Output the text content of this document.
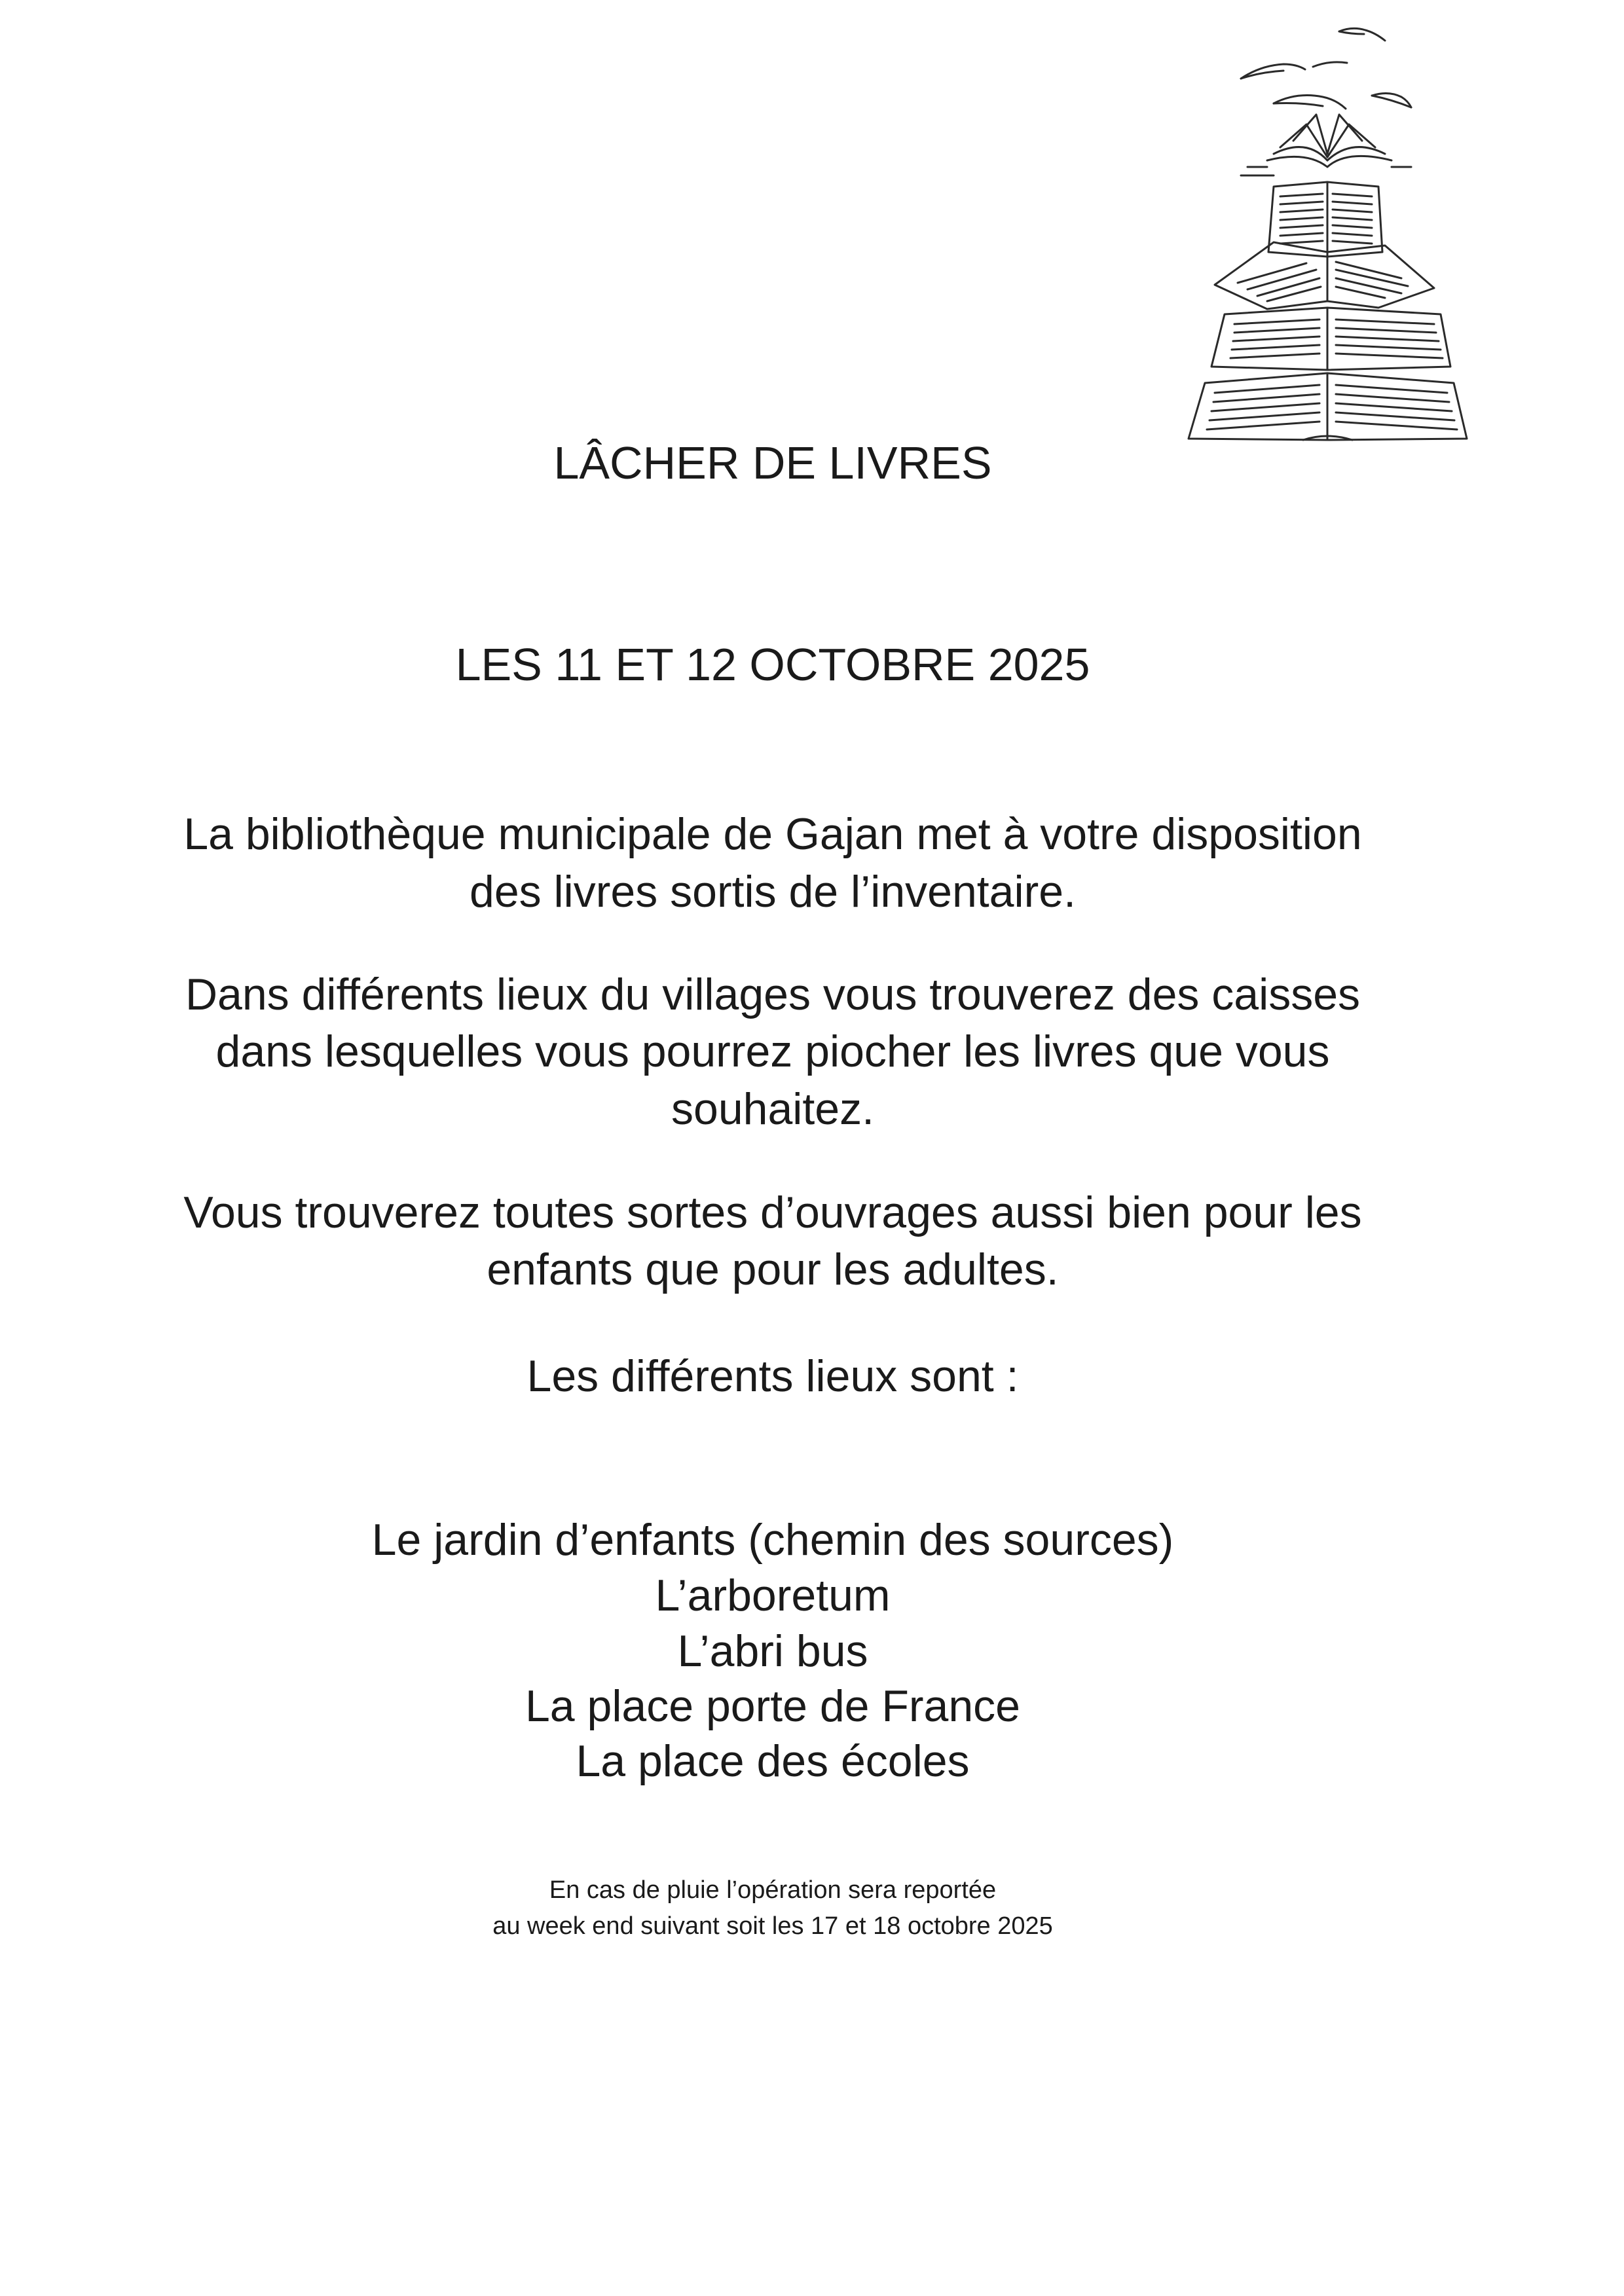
LÂCHER DE LIVRES
LES 11 ET 12 OCTOBRE 2025
La bibliothèque municipale de Gajan met à votre disposition
des livres sortis de l’inventaire.
Dans différents lieux du villages vous trouverez des caisses
dans lesquelles vous pourrez piocher les livres que vous
souhaitez.
Vous trouverez toutes sortes d’ouvrages aussi bien pour les
enfants que pour les adultes.
Les différents lieux sont :
Le jardin d’enfants (chemin des sources)
L’arboretum
L’abri bus
La place porte de France
La place des écoles
En cas de pluie l’opération sera reportée
au week end suivant soit les 17 et 18 octobre 2025
